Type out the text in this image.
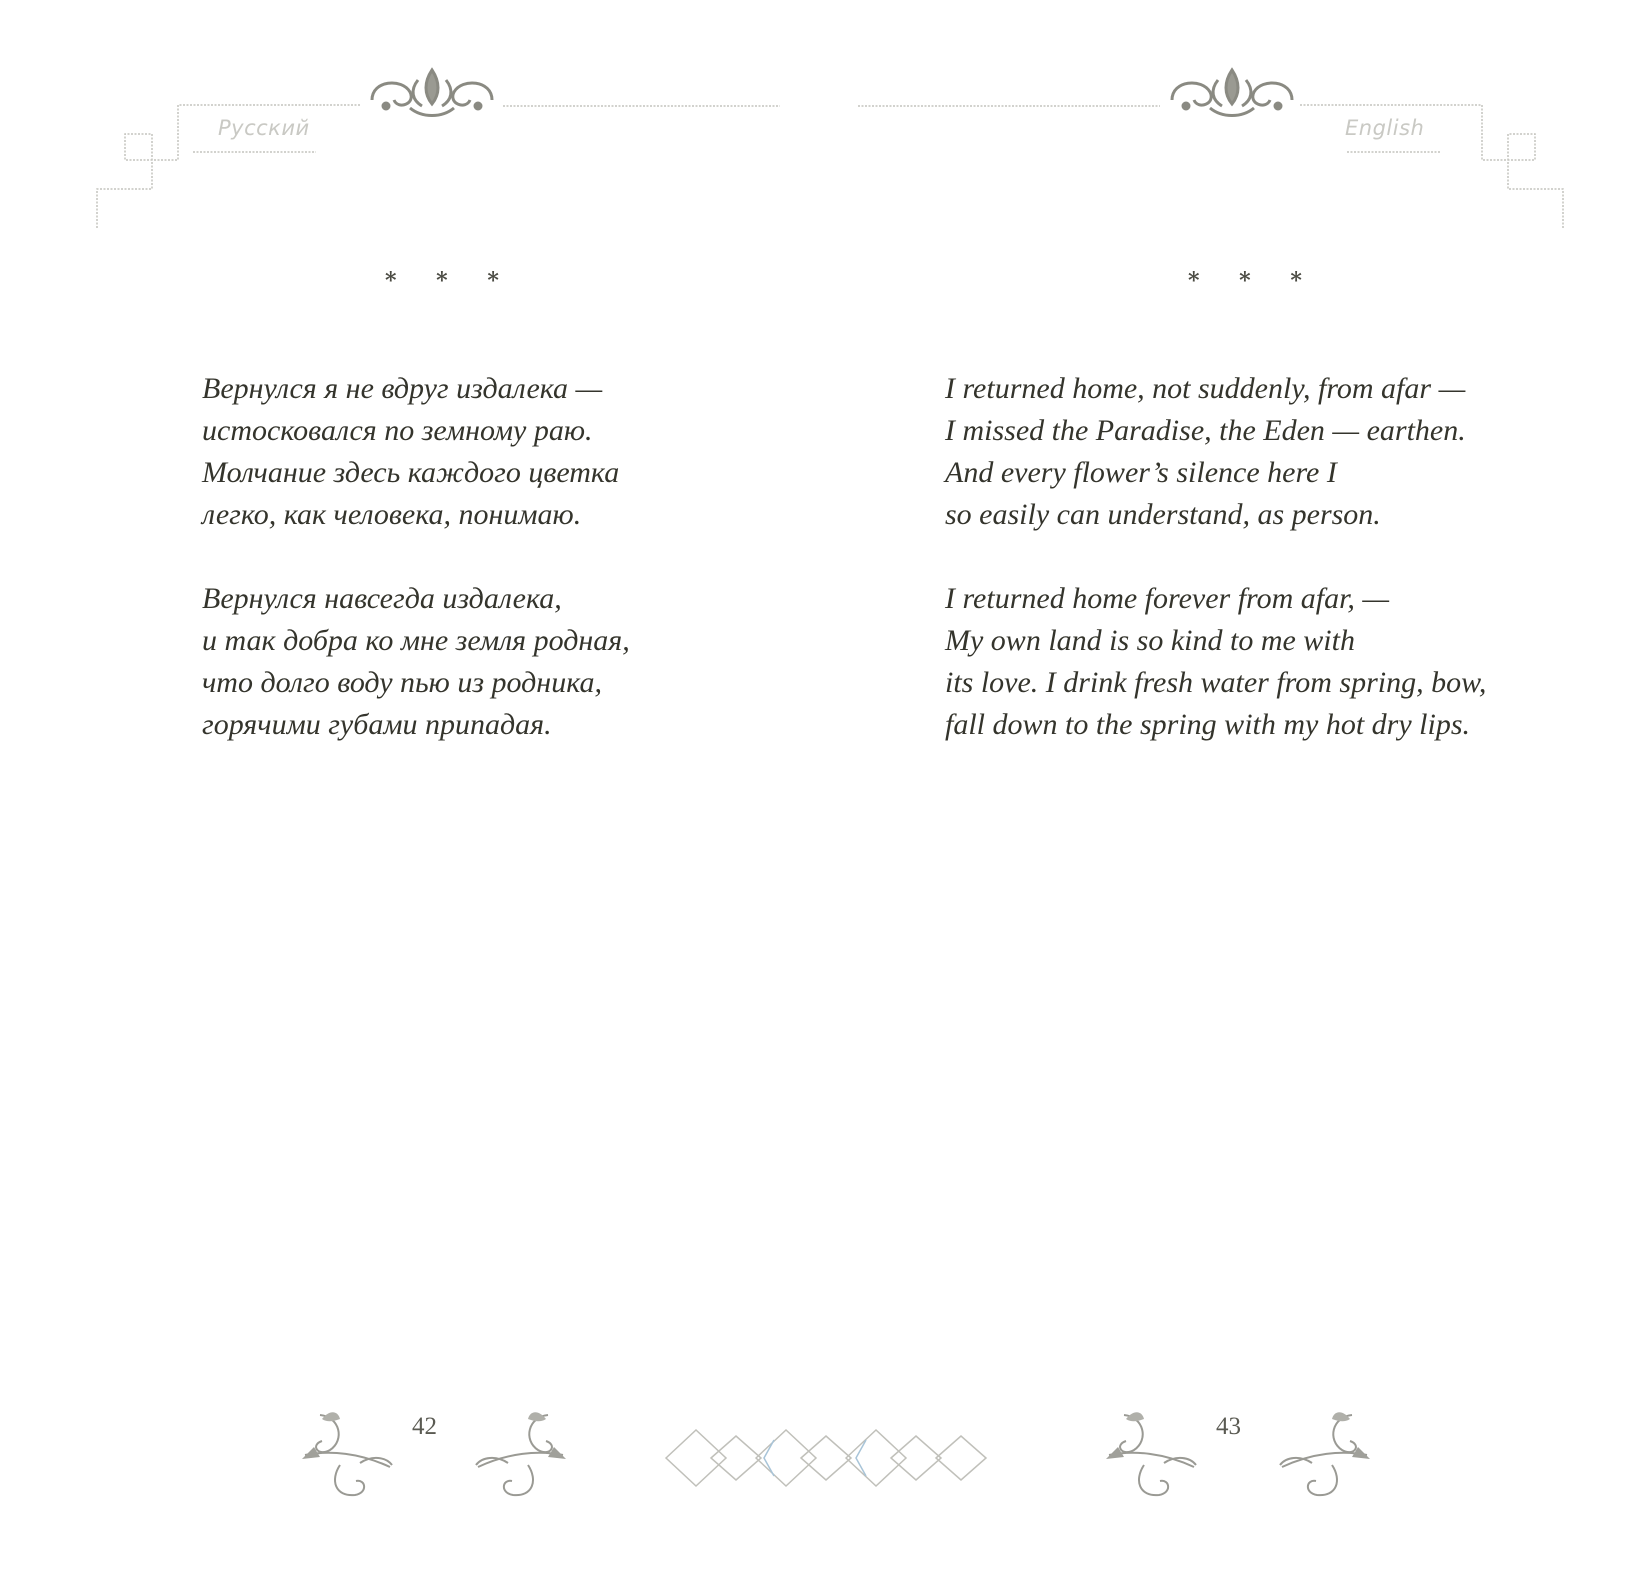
Русский	English
* * *	* * *
Вернулся я не вдруг издалека —
истосковался по земному раю.
Молчание здесь каждого цветка
легко, как человека, понимаю.
Вернулся навсегда издалека,
и так добра ко мне земля родная,
что долго воду пью из родника,
горячими губами припадая.
I returned home, not suddenly, from afar —
I missed the Paradise, the Eden — earthen.
And every flower’s silence here I
so easily can understand, as person.
I returned home forever from afar, —
My own land is so kind to me with
its love. I drink fresh water from spring, bow,
fall down to the spring with my hot dry lips.
42	43
